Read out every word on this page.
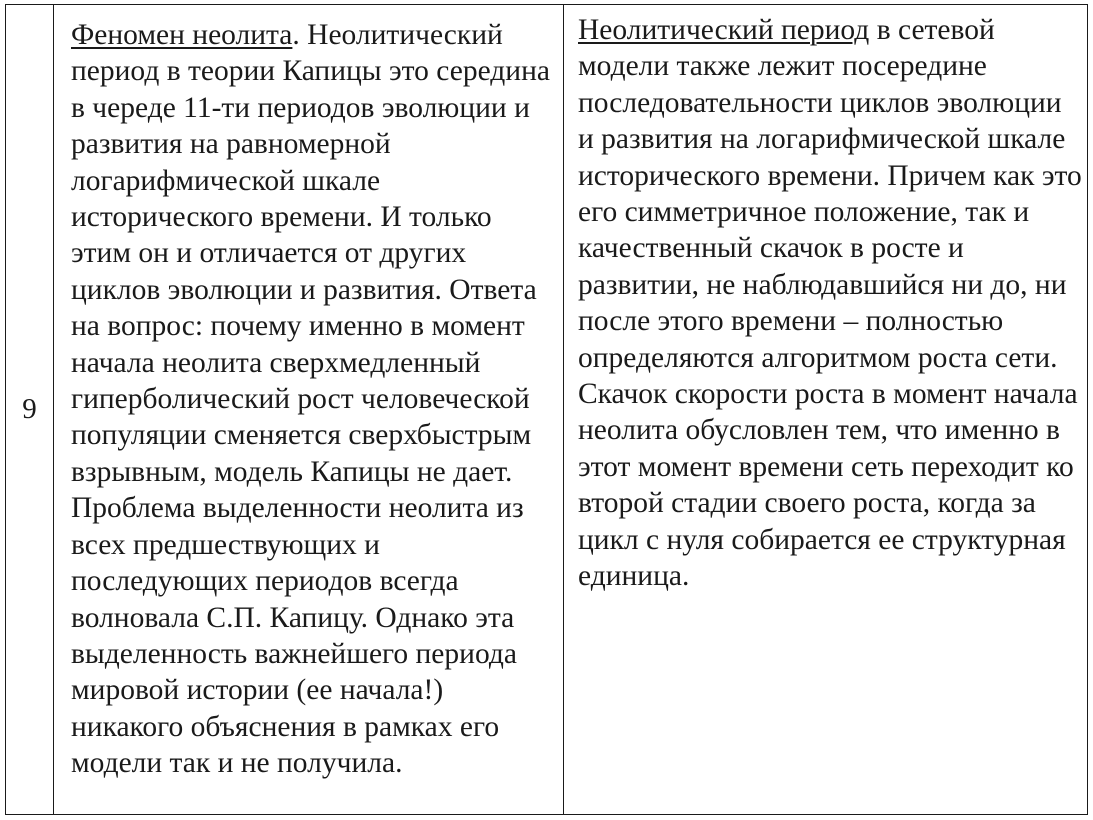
9	Феномен неолита. Неолитический период в теории Капицы это середина в череде 11-ти периодов эволюции и развития на равномерной логарифмической шкале исторического времени. И только этим он и отличается от других циклов эволюции и развития. Ответа на вопрос: почему именно в момент начала неолита сверхмедленный гиперболический рост человеческой популяции сменяется сверхбыстрым взрывным, модель Капицы не дает. Проблема выделенности неолита из всех предшествующих и последующих периодов всегда волновала С.П. Капицу. Однако эта выделенность важнейшего периода мировой истории (ее начала!) никакого объяснения в рамках его модели так и не получила.	Неолитический период в сетевой модели также лежит посередине последовательности циклов эволюции и развития на логарифмической шкале исторического времени. Причем как это его симметричное положение, так и качественный скачок в росте и развитии, не наблюдавшийся ни до, ни после этого времени – полностью определяются алгоритмом роста сети. Скачок скорости роста в момент начала неолита обусловлен тем, что именно в этот момент времени сеть переходит ко второй стадии своего роста, когда за цикл с нуля собирается ее структурная единица.
